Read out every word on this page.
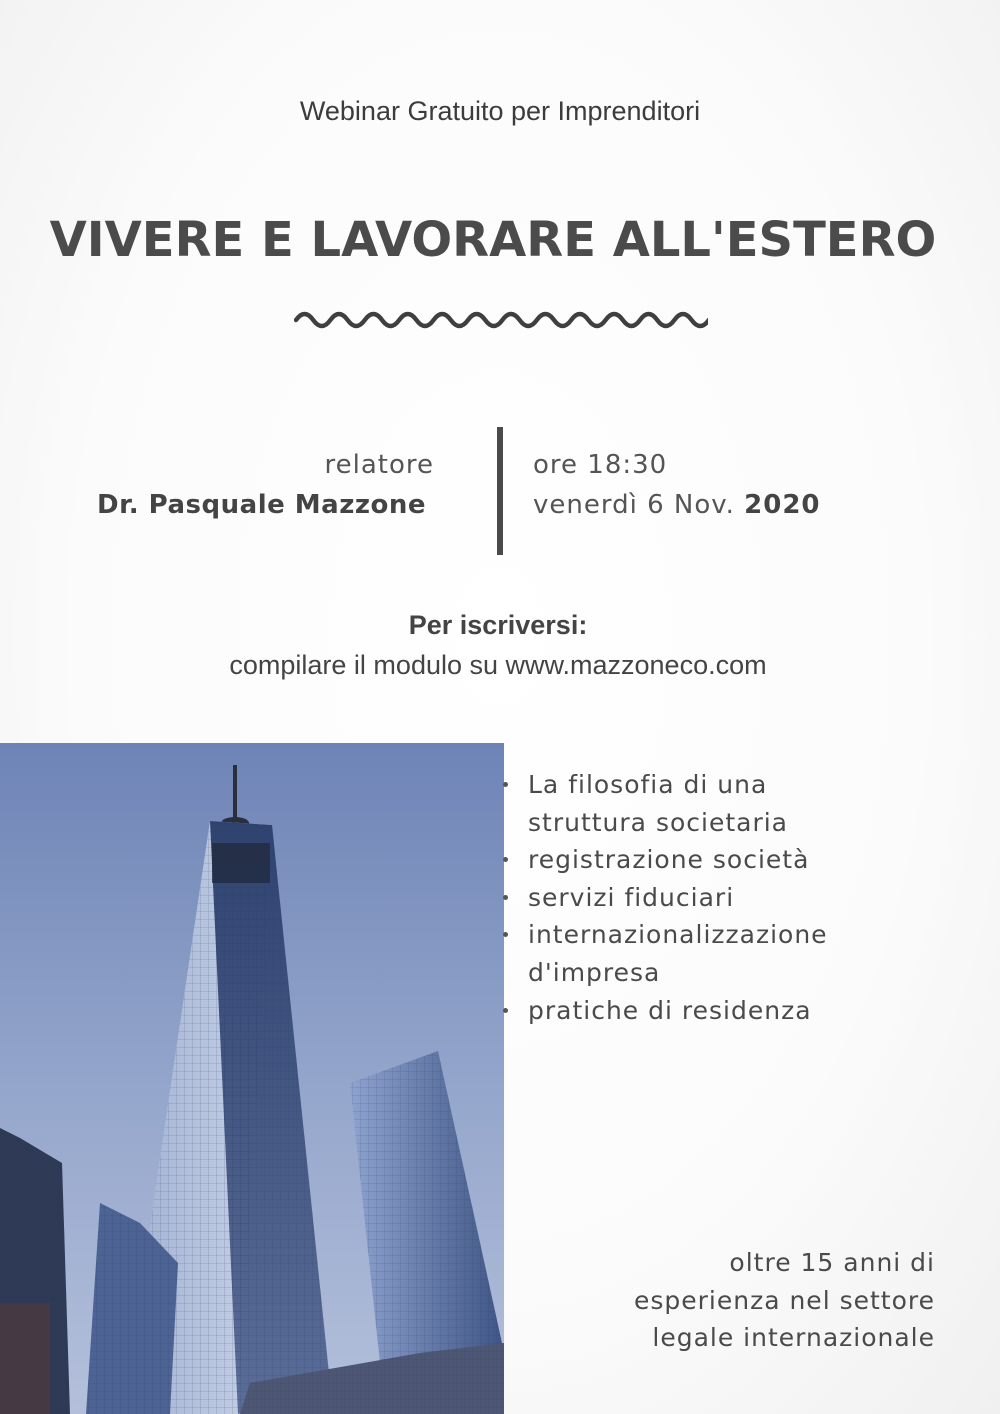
Webinar Gratuito per Imprenditori
VIVERE E LAVORARE ALL'ESTERO
relatore
Dr. Pasquale Mazzone
ore 18:30
venerdì 6 Nov. 2020
Per iscriversi:
compilare il modulo su www.mazzoneco.com
La filosofia di una
struttura societaria
registrazione società
servizi fiduciari
internazionalizzazione
d'impresa
pratiche di residenza
oltre 15 anni di
esperienza nel settore
legale internazionale
